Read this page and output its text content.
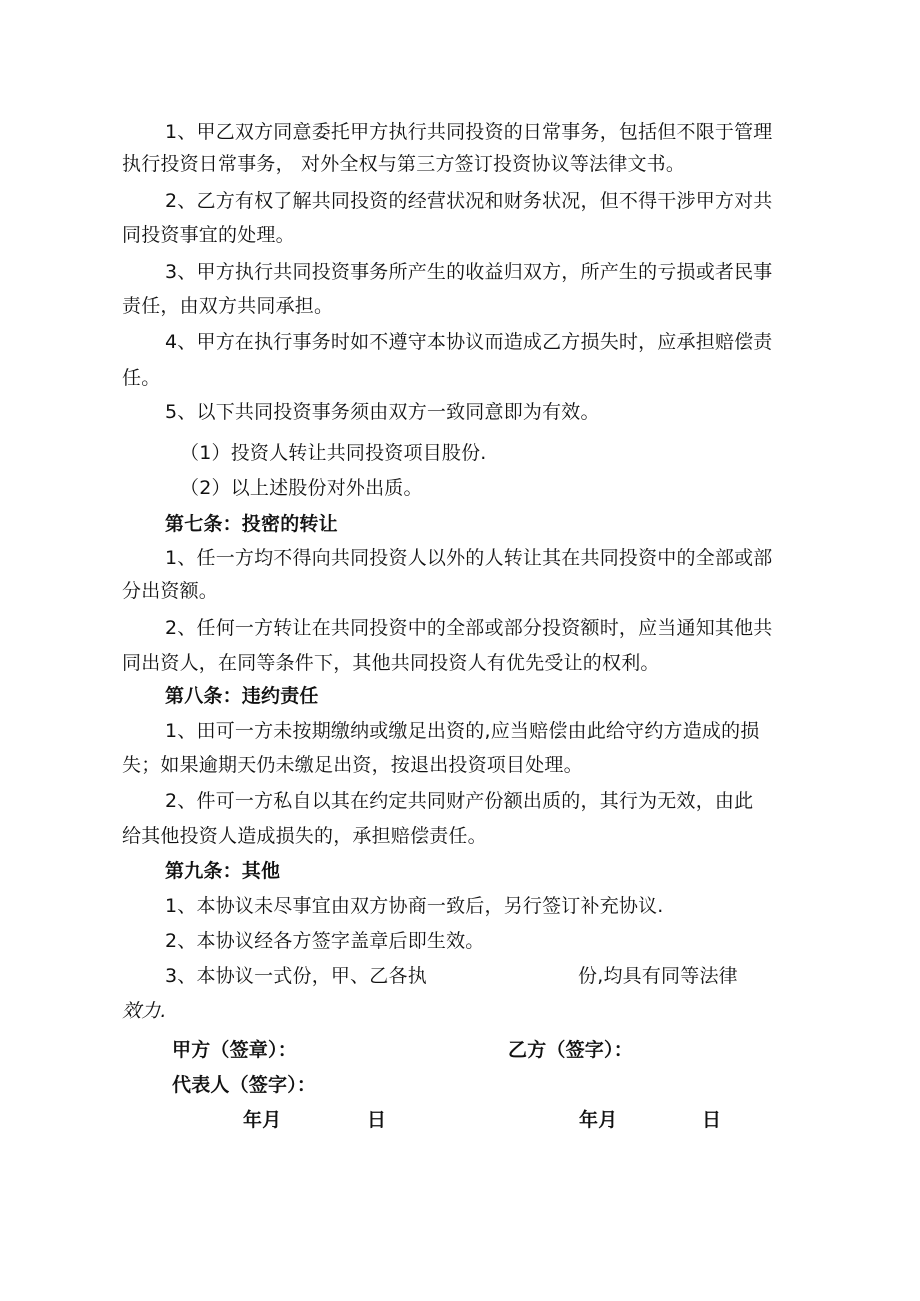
1、甲乙双方同意委托甲方执行共同投资的日常事务，包括但不限于管理
执行投资日常事务， 对外全权与第三方签订投资协议等法律文书。
2、乙方有权了解共同投资的经营状况和财务状况，但不得干涉甲方对共
同投资事宜的处理。
3、甲方执行共同投资事务所产生的收益归双方，所产生的亏损或者民事
责任，由双方共同承担。
4、甲方在执行事务时如不遵守本协议而造成乙方损失时，应承担赔偿责
任。
5、以下共同投资事务须由双方一致同意即为有效。
（1）投资人转让共同投资项目股份.
（2）以上述股份对外出质。
第七条：投密的转让
1、任一方均不得向共同投资人以外的人转让其在共同投资中的全部或部
分出资额。
2、任何一方转让在共同投资中的全部或部分投资额时，应当通知其他共
同出资人，在同等条件下，其他共同投资人有优先受让的权利。
第八条：违约责任
1、田可一方未按期缴纳或缴足出资的,应当赔偿由此给守约方造成的损
失；如果逾期天仍未缴足出资，按退出投资项目处理。
2、件可一方私自以其在约定共同财产份额出质的，其行为无效，由此
给其他投资人造成损失的，承担赔偿责任。
第九条：其他
1、本协议未尽事宜由双方协商一致后，另行签订补充协议.
2、本协议经各方签字盖章后即生效。
3、本协议一式份，甲、乙各执	份,均具有同等法律
效力.
甲方（签章）：	乙方（签字）：
代表人（签字）：
年月	日	年月	日
